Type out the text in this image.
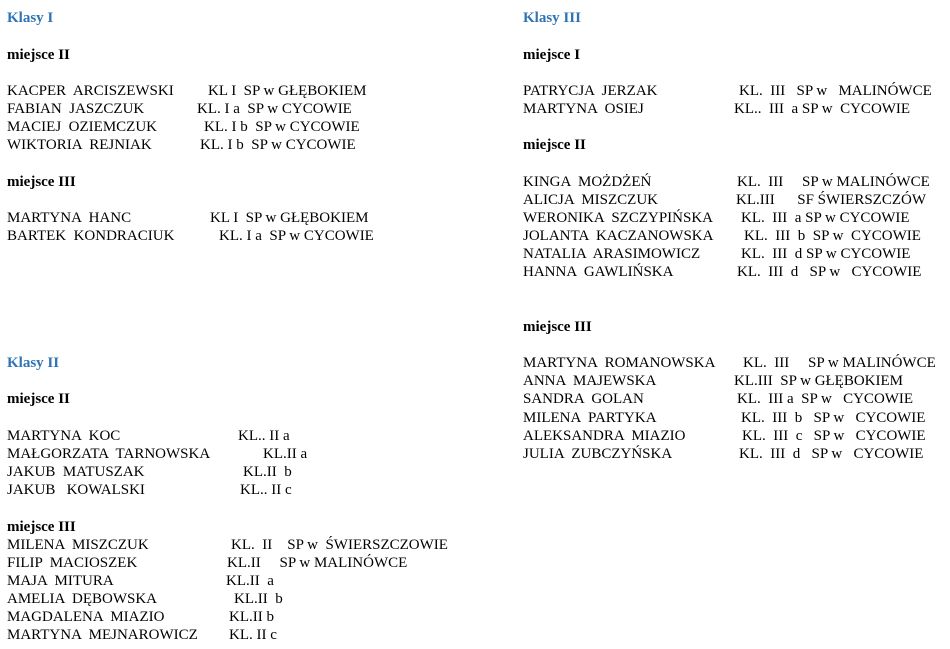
Klasy I
miejsce II
KACPER  ARCISZEWSKI KL I  SP w GŁĘBOKIEM
FABIAN  JASZCZUK	KL. I a  SP w CYCOWIE
MACIEJ  OZIEMCZUK	KL. I b  SP w CYCOWIE
WIKTORIA  REJNIAK	KL. I b  SP w CYCOWIE
miejsce III
MARTYNA  HANC	KL I  SP w GŁĘBOKIEM
BARTEK  KONDRACIUK	KL. I a  SP w CYCOWIE
Klasy II
miejsce II
MARTYNA  KOC	KL.. II a
MAŁGORZATA  TARNOWSKA	KL.II a
JAKUB  MATUSZAK	KL.II  b
JAKUB   KOWALSKI	KL.. II c
miejsce III
MILENA  MISZCZUK	KL.  II    SP w  ŚWIERSZCZOWIE
FILIP  MACIOSZEK	KL.II     SP w MALINÓWCE
MAJA  MITURA	KL.II  a
AMELIA  DĘBOWSKA	KL.II  b
MAGDALENA  MIAZIO	KL.II b
MARTYNA  MEJNAROWICZ KL. II c
Klasy III
miejsce I
PATRYCJA  JERZAK	KL.  III   SP w   MALINÓWCE
MARTYNA  OSIEJ	KL..  III  a SP w  CYCOWIE
miejsce II
KINGA  MOŻDŻEŃ	KL.  III     SP w MALINÓWCE
ALICJA  MISZCZUK	KL.III      SF ŚWIERSZCZÓW
WERONIKA  SZCZYPIŃSKA KL.  III  a SP w CYCOWIE
JOLANTA  KACZANOWSKA KL.  III  b  SP w  CYCOWIE
NATALIA  ARASIMOWICZ	KL.  III  d SP w CYCOWIE
HANNA  GAWLIŃSKA	KL.  III  d   SP w   CYCOWIE
miejsce III
MARTYNA  ROMANOWSKA KL.  III     SP w MALINÓWCE
ANNA  MAJEWSKA	KL.III  SP w GŁĘBOKIEM
SANDRA  GOLAN	KL.  III a  SP w   CYCOWIE
MILENA  PARTYKA	KL.  III  b   SP w   CYCOWIE
ALEKSANDRA  MIAZIO	KL.  III  c   SP w   CYCOWIE
JULIA  ZUBCZYŃSKA	KL.  III  d   SP w   CYCOWIE
